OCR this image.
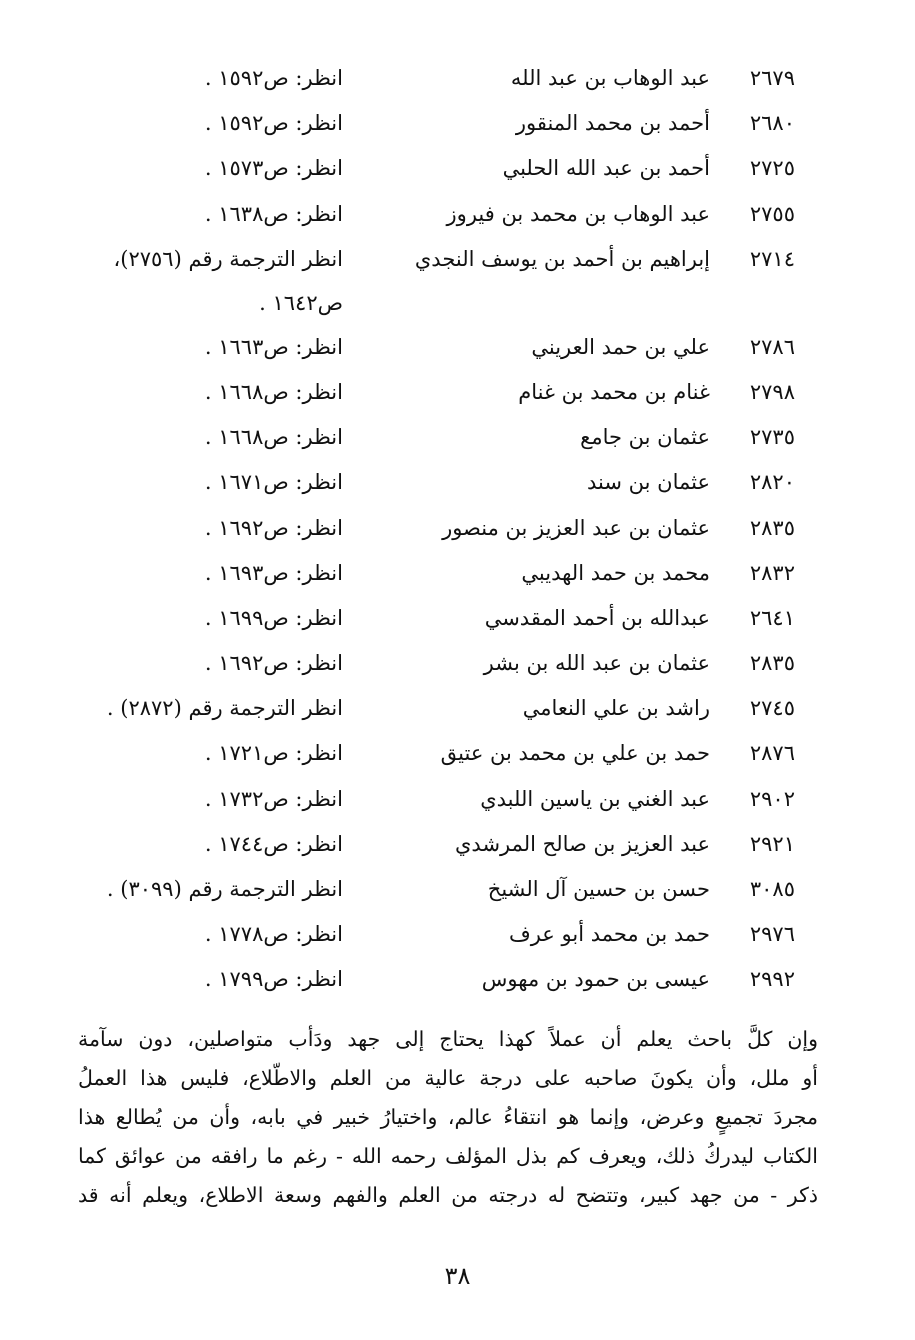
٢٦٧٩
عبد الوهاب بن عبد الله
انظر: ص١٥٩٢ .
٢٦٨٠
أحمد بن محمد المنقور
انظر: ص١٥٩٢ .
٢٧٢٥
أحمد بن عبد الله الحلبي
انظر: ص١٥٧٣ .
٢٧٥٥
عبد الوهاب بن محمد بن فيروز
انظر: ص١٦٣٨ .
٢٧١٤
إبراهيم بن أحمد بن يوسف النجدي
انظر الترجمة رقم (٢٧٥٦)،
ص١٦٤٢ .
٢٧٨٦
علي بن حمد العريني
انظر: ص١٦٦٣ .
٢٧٩٨
غنام بن محمد بن غنام
انظر: ص١٦٦٨ .
٢٧٣٥
عثمان بن جامع
انظر: ص١٦٦٨ .
٢٨٢٠
عثمان بن سند
انظر: ص١٦٧١ .
٢٨٣٥
عثمان بن عبد العزيز بن منصور
انظر: ص١٦٩٢ .
٢٨٣٢
محمد بن حمد الهديبي
انظر: ص١٦٩٣ .
٢٦٤١
عبدالله بن أحمد المقدسي
انظر: ص١٦٩٩ .
٢٨٣٥
عثمان بن عبد الله بن بشر
انظر: ص١٦٩٢ .
٢٧٤٥
راشد بن علي النعامي
انظر الترجمة رقم (٢٨٧٢) .
٢٨٧٦
حمد بن علي بن محمد بن عتيق
انظر: ص١٧٢١ .
٢٩٠٢
عبد الغني بن ياسين اللبدي
انظر: ص١٧٣٢ .
٢٩٢١
عبد العزيز بن صالح المرشدي
انظر: ص١٧٤٤ .
٣٠٨٥
حسن بن حسين آل الشيخ
انظر الترجمة رقم (٣٠٩٩) .
٢٩٧٦
حمد بن محمد أبو عرف
انظر: ص١٧٧٨ .
٢٩٩٢
عيسى بن حمود بن مهوس
انظر: ص١٧٩٩ .
وإن كلَّ باحث يعلم أن عملاً كهذا يحتاج إلى جهد ودَأب متواصلين، دون سآمة
أو ملل، وأن يكونَ صاحبه على درجة عالية من العلم والاطّلاع، فليس هذا العملُ
مجردَ تجميعٍ وعرض، وإنما هو انتقاءُ عالم، واختيارُ خبير في بابه، وأن من يُطالع هذا
الكتاب ليدركُ ذلك، ويعرف كم بذل المؤلف رحمه الله - رغم ما رافقه من عوائق كما
ذكر - من جهد كبير، وتتضح له درجته من العلم والفهم وسعة الاطلاع، ويعلم أنه قد
٣٨
